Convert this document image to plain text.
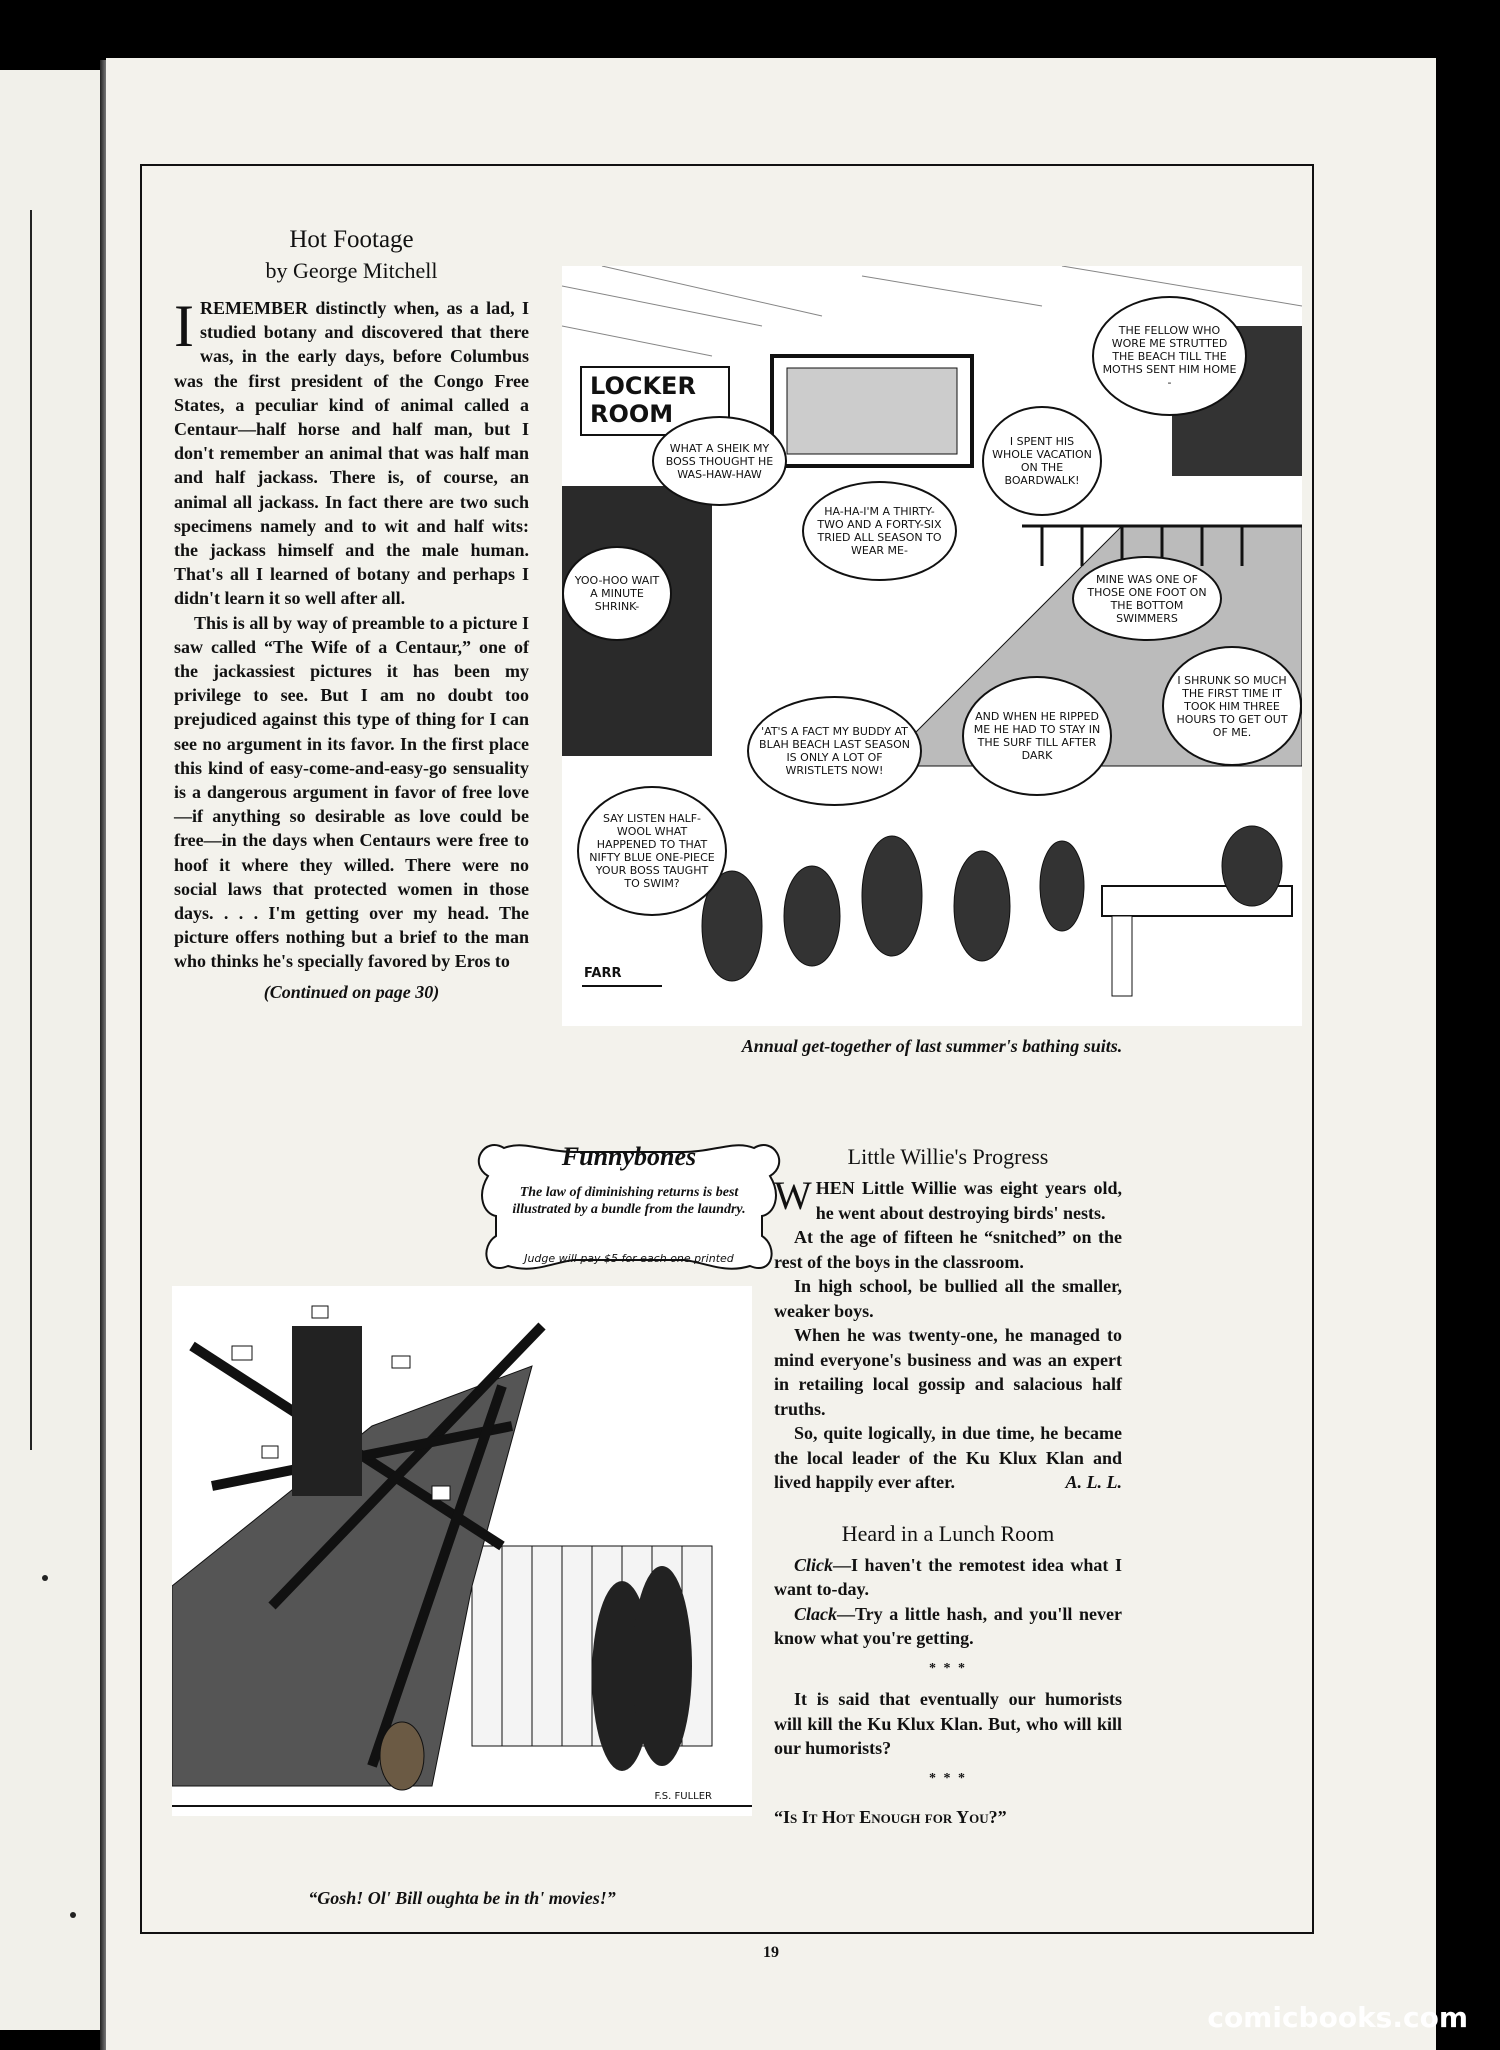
Hot Footage
by George Mitchell

IREMEMBER distinctly when, as a lad, I studied botany and discovered that there was, in the early days, before Columbus was the first president of the Congo Free States, a peculiar kind of animal called a Centaur—half horse and half man, but I don't remember an animal that was half man and half jackass. There is, of course, an animal all jackass. In fact there are two such specimens namely and to wit and half wits: the jackass himself and the male human. That's all I learned of botany and perhaps I didn't learn it so well after all.

This is all by way of preamble to a picture I saw called “The Wife of a Centaur,” one of the jackassiest pictures it has been my privilege to see. But I am no doubt too prejudiced against this type of thing for I can see no argument in its favor. In the first place this kind of easy-come-and-easy-go sensuality is a dangerous argument in favor of free love—if anything so desirable as love could be free—in the days when Centaurs were free to hoof it where they willed. There were no social laws that protected women in those days. . . . I'm getting over my head. The picture offers nothing but a brief to the man who thinks he's specially favored by Eros to

(Continued on page 30)
LOCKER ROOM
THE FELLOW WHO WORE ME STRUTTED THE BEACH TILL THE MOTHS SENT HIM HOME -
WHAT A SHEIK MY BOSS THOUGHT HE WAS-HAW-HAW
I SPENT HIS WHOLE VACATION ON THE BOARDWALK!
HA-HA-I'M A THIRTY-TWO AND A FORTY-SIX TRIED ALL SEASON TO WEAR ME-
YOO-HOO WAIT A MINUTE SHRINK-
MINE WAS ONE OF THOSE ONE FOOT ON THE BOTTOM SWIMMERS
I SHRUNK SO MUCH THE FIRST TIME IT TOOK HIM THREE HOURS TO GET OUT OF ME.
AND WHEN HE RIPPED ME HE HAD TO STAY IN THE SURF TILL AFTER DARK
'AT'S A FACT MY BUDDY AT BLAH BEACH LAST SEASON IS ONLY A LOT OF WRISTLETS NOW!
SAY LISTEN HALF-WOOL WHAT HAPPENED TO THAT NIFTY BLUE ONE-PIECE YOUR BOSS TAUGHT TO SWIM?
FARR
Annual get-together of last summer's bathing suits.
Funnybones
The law of diminishing returns is best illustrated by a bundle from the laundry.
Judge will pay $5 for each one printed
Little Willie's Progress

WHEN Little Willie was eight years old, he went about destroying birds' nests.

At the age of fifteen he “snitched” on the rest of the boys in the classroom.

In high school, be bullied all the smaller, weaker boys.

When he was twenty-one, he managed to mind everyone's business and was an expert in retailing local gossip and salacious half truths.

So, quite logically, in due time, he became the local leader of the Ku Klux Klan and lived happily ever after.	A. L. L.

Heard in a Lunch Room

Click—I haven't the remotest idea what I want to-day.

Clack—Try a little hash, and you'll never know what you're getting.

* * *

It is said that eventually our humorists will kill the Ku Klux Klan. But, who will kill our humorists?

* * *

“Is It Hot Enough for You?”

F.S. FULLER
“Gosh! Ol' Bill oughta be in th' movies!”
19
comicbooks.com
